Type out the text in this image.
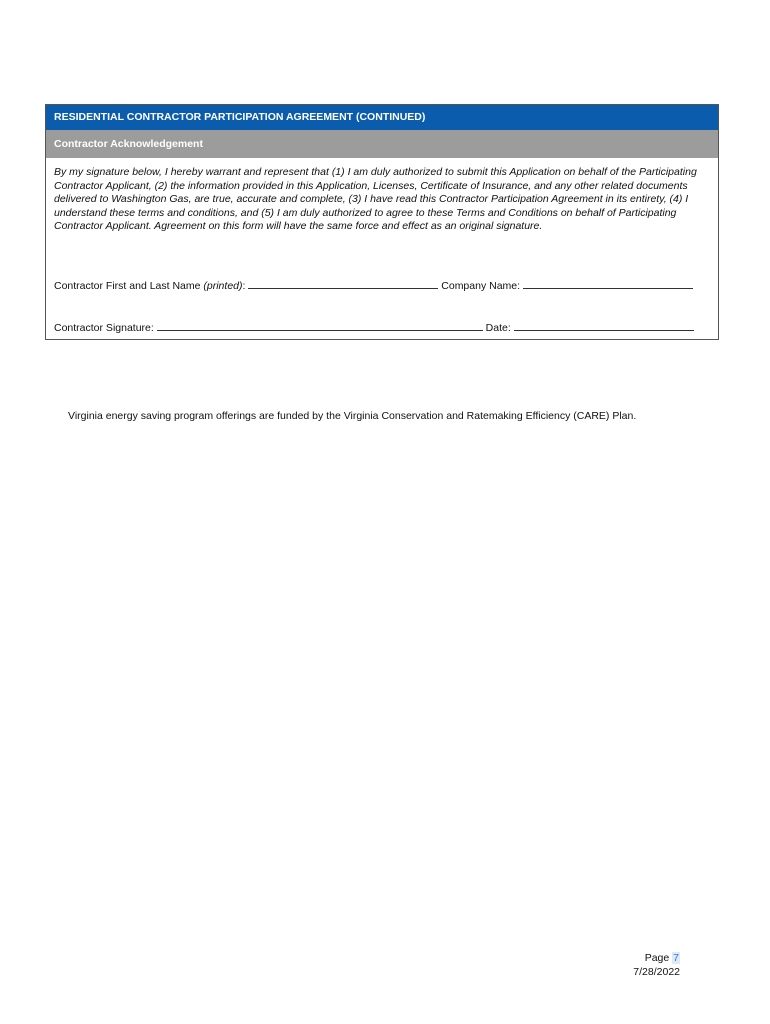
RESIDENTIAL CONTRACTOR PARTICIPATION AGREEMENT (CONTINUED)
Contractor Acknowledgement
By my signature below, I hereby warrant and represent that (1) I am duly authorized to submit this Application on behalf of the Participating Contractor Applicant, (2) the information provided in this Application, Licenses, Certificate of Insurance, and any other related documents delivered to Washington Gas, are true, accurate and complete, (3) I have read this Contractor Participation Agreement in its entirety, (4) I understand these terms and conditions, and (5) I am duly authorized to agree to these Terms and Conditions on behalf of Participating Contractor Applicant. Agreement on this form will have the same force and effect as an original signature.
Contractor First and Last Name (printed):	Company Name:
Contractor Signature:	Date:
Virginia energy saving program offerings are funded by the Virginia Conservation and Ratemaking Efficiency (CARE) Plan.
Page 7
7/28/2022
